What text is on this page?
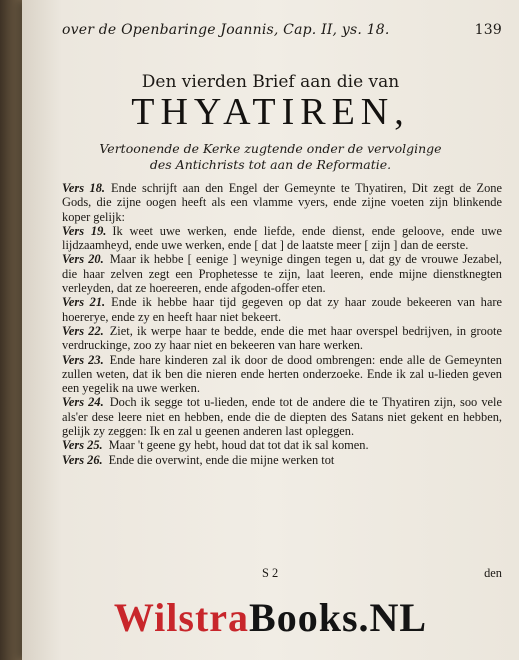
over de Openbaringe Joannis, Cap. II, ys. 18.	139
Den vierden Brief aan die van
THYATIREN,
Vertoonende de Kerke zugtende onder de vervolginge
des Antichrists tot aan de Reformatie.

Vers 18. Ende schrijft aan den Engel der Gemeynte te Thyatiren, Dit zegt de Zone Gods, die zijne oogen heeft als een vlamme vyers, ende zijne voeten zijn blinkende koper gelijk:

Vers 19. Ik weet uwe werken, ende liefde, ende dienst, ende geloove, ende uwe lijdzaamheyd, ende uwe werken, ende [ dat ] de laatste meer [ zijn ] dan de eerste.

Vers 20. Maar ik hebbe [ eenige ] weynige dingen tegen u, dat gy de vrouwe Jezabel, die haar zelven zegt een Prophetesse te zijn, laat leeren, ende mijne dienstknegten verleyden, dat ze hoereeren, ende afgoden-offer eten.

Vers 21. Ende ik hebbe haar tijd gegeven op dat zy haar zoude bekeeren van hare hoererye, ende zy en heeft haar niet bekeert.

Vers 22. Ziet, ik werpe haar te bedde, ende die met haar overspel bedrijven, in groote verdruckinge, zoo zy haar niet en bekeeren van hare werken.

Vers 23. Ende hare kinderen zal ik door de dood ombrengen: ende alle de Gemeynten zullen weten, dat ik ben die nieren ende herten onderzoeke. Ende ik zal u-lieden geven een yegelik na uwe werken.

Vers 24. Doch ik segge tot u-lieden, ende tot de andere die te Thyatiren zijn, soo vele als'er dese leere niet en hebben, ende die de diepten des Satans niet gekent en hebben, gelijk zy zeggen: Ik en zal u geenen anderen last opleggen.

Vers 25. Maar 't geene gy hebt, houd dat tot dat ik sal komen.

Vers 26. Ende die overwint, ende die mijne werken tot

S 2	den
WilstraBooks.NL
